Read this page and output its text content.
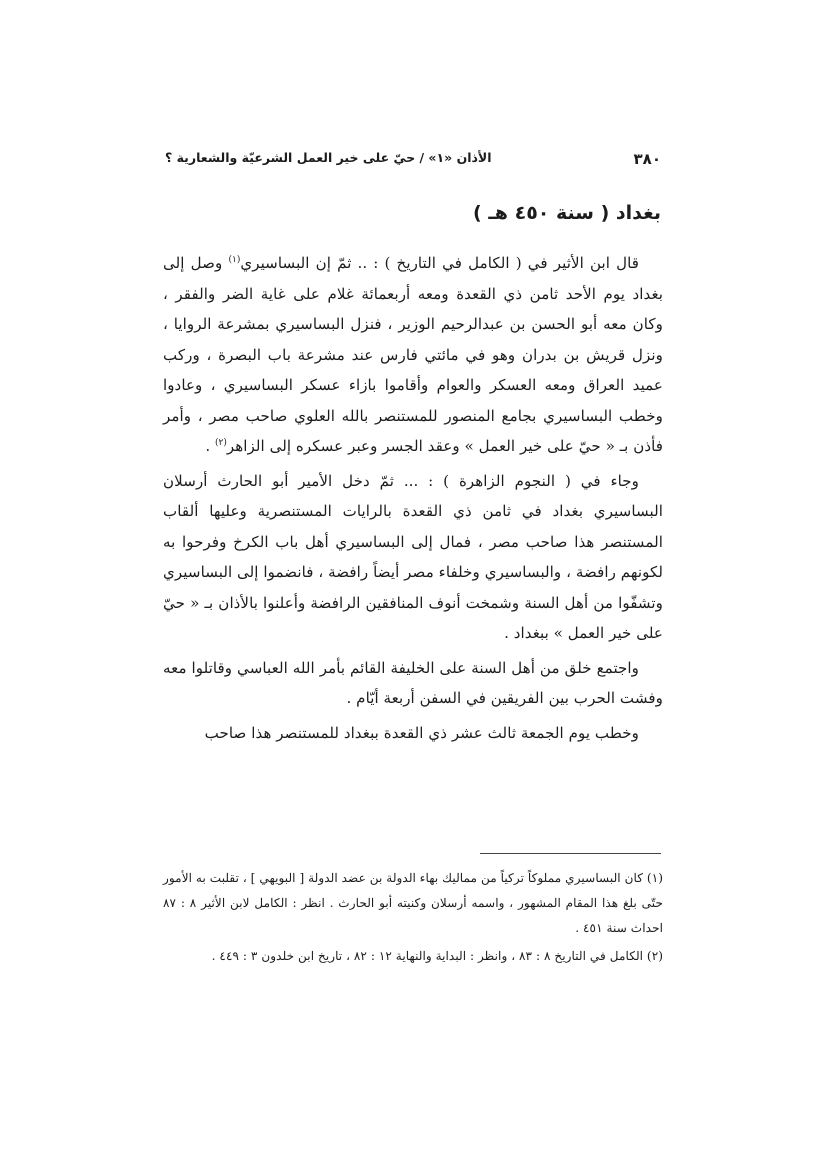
٣٨٠
الأذان «١» / حيّ على خير العمل الشرعيّة والشعارية ؟
بغداد ( سنة ٤٥٠ هـ )

قال ابن الأثير في ( الكامل في التاريخ ) : .. ثمّ إن البساسيري$^{(١)}$ وصل إلى بغداد يوم الأحد ثامن ذي القعدة ومعه أربعمائة غلام على غاية الضر والفقر ، وكان معه أبو الحسن بن عبدالرحيم الوزير ، فنزل البساسيري بمشرعة الروايا ، ونزل قريش بن بدران وهو في مائتي فارس عند مشرعة باب البصرة ، وركب عميد العراق ومعه العسكر والعوام وأقاموا بازاء عسكر البساسيري ، وعادوا وخطب البساسيري بجامع المنصور للمستنصر بالله العلوي صاحب مصر ، وأمر فأذن بـ « حيّ على خير العمل » وعقد الجسر وعبر عسكره إلى الزاهر$^{(٢)}$ .

وجاء في ( النجوم الزاهرة ) : ... ثمّ دخل الأمير أبو الحارث أرسلان البساسيري بغداد في ثامن ذي القعدة بالرايات المستنصرية وعليها ألقاب المستنصر هذا صاحب مصر ، فمال إلى البساسيري أهل باب الكرخ وفرحوا به لكونهم رافضة ، والبساسيري وخلفاء مصر أيضاً رافضة ، فانضموا إلى البساسيري وتشفّوا من أهل السنة وشمخت أنوف المنافقين الرافضة وأعلنوا بالأذان بـ « حيّ على خير العمل » ببغداد .

واجتمع خلق من أهل السنة على الخليفة القائم بأمر الله العباسي وقاتلوا معه وفشت الحرب بين الفريقين في السفن أربعة أيّام .

وخطب يوم الجمعة ثالث عشر ذي القعدة ببغداد للمستنصر هذا صاحب

(١) كان البساسيري مملوكاً تركياً من مماليك بهاء الدولة بن عضد الدولة [ البويهي ] ، تقلبت به الأمور حتّى بلغ هذا المقام المشهور ، واسمه أرسلان وكنيته أبو الحارث . انظر : الكامل لابن الأثير ٨ : ٨٧ احداث سنة ٤٥١ .

(٢) الكامل في التاريخ ٨ : ٨٣ ، وانظر : البداية والنهاية ١٢ : ٨٢ ، تاريخ ابن خلدون ٣ : ٤٤٩ .
